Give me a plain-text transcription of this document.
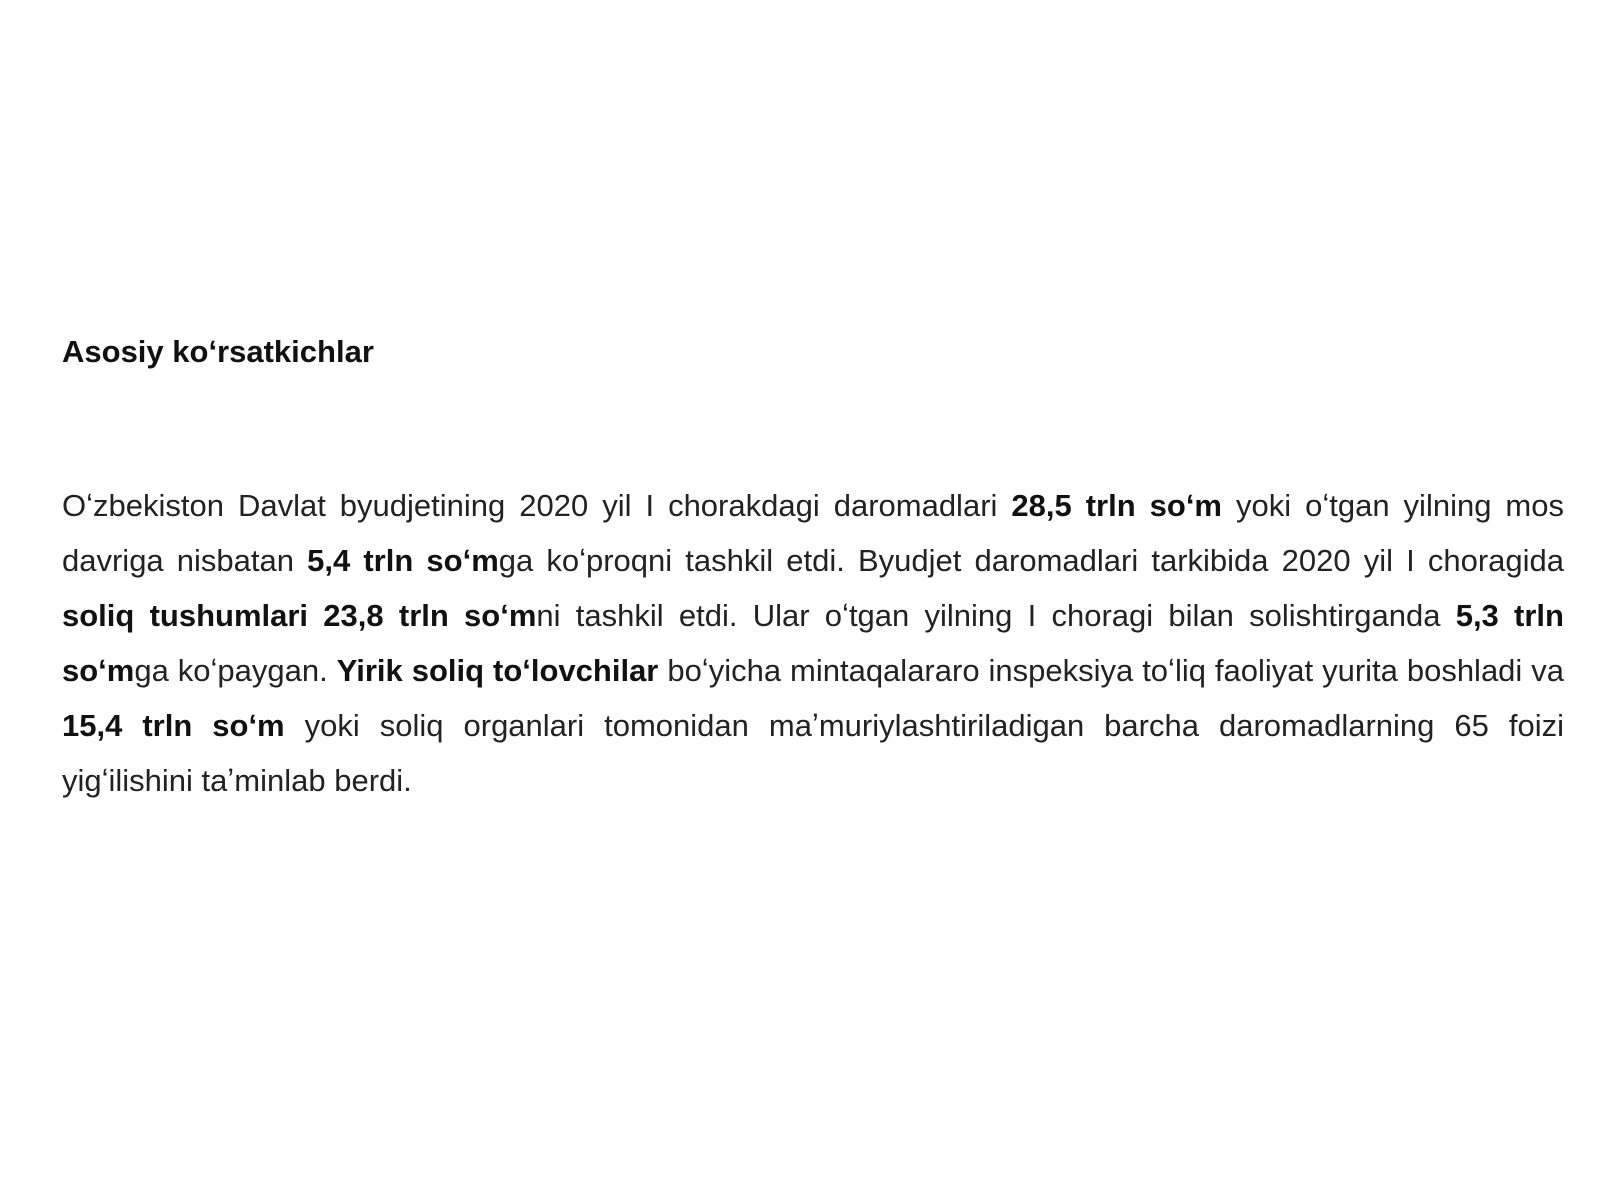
Asosiy koʻrsatkichlar

Oʻzbekiston Davlat byudjetining 2020 yil I chorakdagi daromadlari 28,5 trln soʻm yoki oʻtgan yilning mos davriga nisbatan 5,4 trln soʻmga koʻproqni tashkil etdi. Byudjet daromadlari tarkibida 2020 yil I choragida soliq tushumlari 23,8 trln soʻmni tashkil etdi. Ular oʻtgan yilning I choragi bilan solishtirganda 5,3 trln soʻmga koʻpaygan. Yirik soliq toʻlovchilar boʻyicha mintaqalararo inspeksiya toʻliq faoliyat yurita boshladi va 15,4 trln soʻm yoki soliq organlari tomonidan maʼmuriylashtiriladigan barcha daromadlarning 65 foizi yigʻilishini taʼminlab berdi.
